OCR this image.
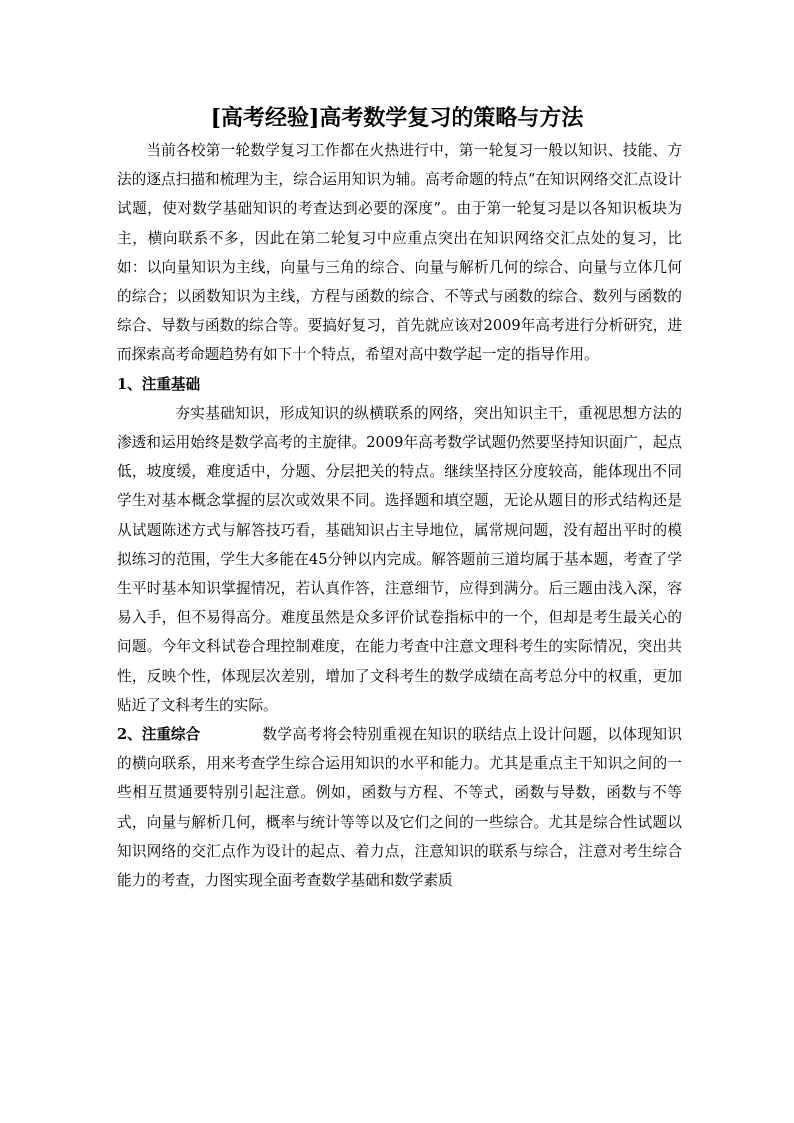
[高考经验]高考数学复习的策略与方法

当前各校第一轮数学复习工作都在火热进行中，第一轮复习一般以知识、技能、方法的逐点扫描和梳理为主，综合运用知识为辅。高考命题的特点“在知识网络交汇点设计试题，使对数学基础知识的考查达到必要的深度”。由于第一轮复习是以各知识板块为主，横向联系不多，因此在第二轮复习中应重点突出在知识网络交汇点处的复习，比如：以向量知识为主线，向量与三角的综合、向量与解析几何的综合、向量与立体几何的综合；以函数知识为主线，方程与函数的综合、不等式与函数的综合、数列与函数的综合、导数与函数的综合等。要搞好复习，首先就应该对2009年高考进行分析研究，进而探索高考命题趋势有如下十个特点，希望对高中数学起一定的指导作用。

1、注重基础

夯实基础知识，形成知识的纵横联系的网络，突出知识主干，重视思想方法的渗透和运用始终是数学高考的主旋律。2009年高考数学试题仍然要坚持知识面广，起点低，坡度缓，难度适中，分题、分层把关的特点。继续坚持区分度较高，能体现出不同学生对基本概念掌握的层次或效果不同。选择题和填空题，无论从题目的形式结构还是从试题陈述方式与解答技巧看，基础知识占主导地位，属常规问题，没有超出平时的模拟练习的范围，学生大多能在45分钟以内完成。解答题前三道均属于基本题，考查了学生平时基本知识掌握情况，若认真作答，注意细节，应得到满分。后三题由浅入深，容易入手，但不易得高分。难度虽然是众多评价试卷指标中的一个，但却是考生最关心的问题。今年文科试卷合理控制难度，在能力考查中注意文理科考生的实际情况，突出共性，反映个性，体现层次差别，增加了文科考生的数学成绩在高考总分中的权重，更加贴近了文科考生的实际。

2、注重综合	数学高考将会特别重视在知识的联结点上设计问题，以体现知识的横向联系，用来考查学生综合运用知识的水平和能力。尤其是重点主干知识之间的一些相互贯通要特别引起注意。例如，函数与方程、不等式，函数与导数，函数与不等式，向量与解析几何，概率与统计等等以及它们之间的一些综合。尤其是综合性试题以知识网络的交汇点作为设计的起点、着力点，注意知识的联系与综合，注意对考生综合能力的考查，力图实现全面考查数学基础和数学素质
